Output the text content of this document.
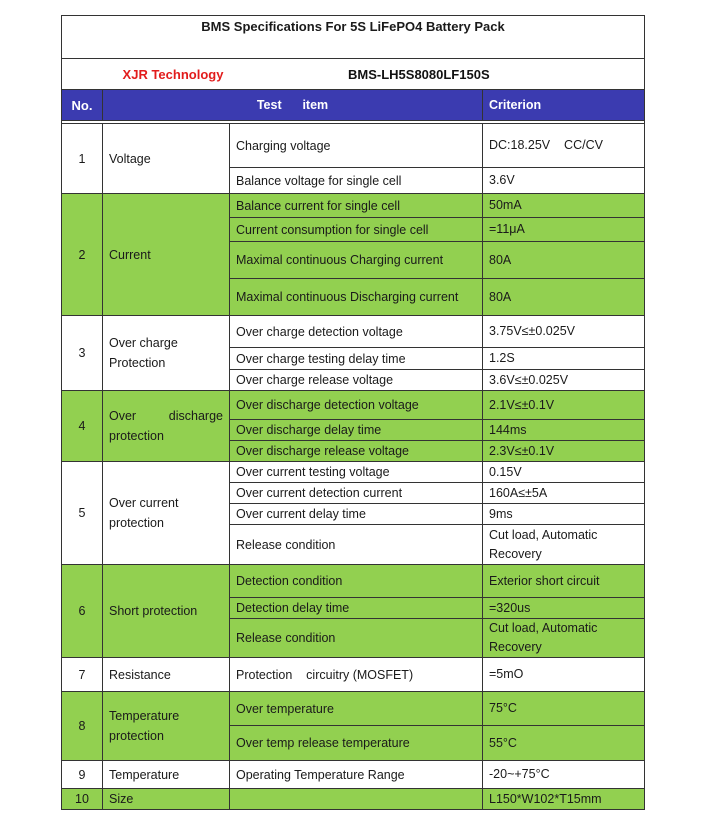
BMS Specifications For 5S LiFePO4 Battery Pack			
XJR Technology BMS-LH5S8080LF150S			
No.	Test      item		Criterion

1	Voltage	Charging voltage	DC:18.25V    CC/CV
		Balance voltage for single cell	3.6V
2	Current	Balance current for single cell	50mA
		Current consumption for single cell	=11μA
		Maximal continuous Charging current	80A
		Maximal continuous Discharging current	80A
3	Over charge Protection	Over charge detection voltage	3.75V≤±0.025V
		Over charge testing delay time	1.2S
		Over charge release voltage	3.6V≤±0.025V
4	Over discharge protection	Over discharge detection voltage	2.1V≤±0.1V
		Over discharge delay time	144ms
		Over discharge release voltage	2.3V≤±0.1V
5	Over current protection	Over current testing voltage	0.15V
		Over current detection current	160A≤±5A
		Over current delay time	9ms
		Release condition	Cut load, Automatic Recovery
6	Short protection	Detection condition	Exterior short circuit
		Detection delay time	=320us
		Release condition	Cut load, Automatic Recovery
7	Resistance	Protection    circuitry (MOSFET)	=5mO
8	Temperature protection	Over temperature	75°C
		Over temp release temperature	55°C
9	Temperature	Operating Temperature Range	-20~+75°C
10	Size		L150*W102*T15mm
